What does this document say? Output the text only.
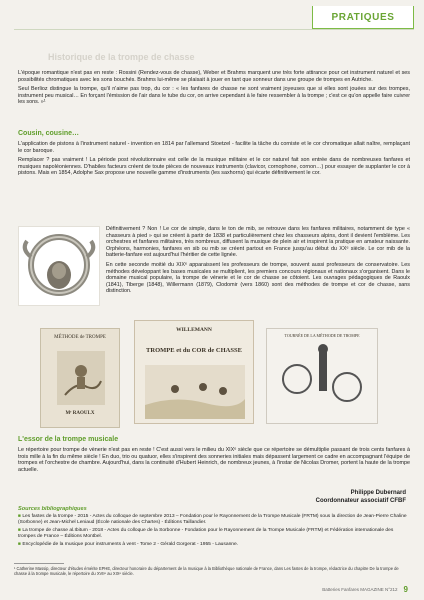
PRATIQUES
Historique de la trompe de chasse

L'époque romantique n'est pas en reste : Rossini (Rendez-vous de chasse), Weber et Brahms marquent une très forte attirance pour cet instrument naturel et ses possibilités chromatiques avec les sons bouchés. Brahms lui-même se plaisait à jouer en tant que sonneur dans une groupe de trompes en Autriche.

Seul Berlioz distingue la trompe, qu'il n'aime pas trop, du cor : « les fanfares de chasse ne sont vraiment joyeuses que si elles sont jouées sur des trompes, instrument peu musical… En forçant l'émission de l'air dans le tube du cor, on arrive cependant à le faire ressembler à la trompe ; c'est ce qu'on appelle faire cuivrer les sons. »¹

Cousin, cousine…

L'application de pistons à l'instrument naturel - invention en 1814 par l'allemand Stoetzel - facilite la tâche du corniste et le cor chromatique allait naître, remplaçant le cor baroque.

Remplacer ? pas vraiment ! La période post révolutionnaire est celle de la musique militaire et le cor naturel fait son entrée dans de nombreuses fanfares et musiques napoléoniennes. D'habiles facteurs créent de toute pièces de nouveaux instruments (clavicor, cornophone, cornon…) pour essayer de supplanter le cor à pistons. Mais en 1854, Adolphe Sax propose une nouvelle gamme d'instruments (les saxhorns) qui écarte définitivement le cor.

Définitivement ? Non ! Le cor de simple, dans le ton de mib, se retrouve dans les fanfares militaires, notamment de type « chasseurs à pied » qui se créent à partir de 1838 et particulièrement chez les chasseurs alpins, dont il devient l'emblème. Les orchestres et fanfares militaires, très nombreux, diffusent la musique de plein air et inspirent la pratique en amateur naissante. Orphéons, harmonies, fanfares en sib ou mib se créent partout en France jusqu'au début du XXᵉ siècle. Le cor mib de la batterie-fanfare est aujourd'hui l'héritier de cette lignée.

En cette seconde moitié du XIXᵉ apparaissent les professeurs de trompe, souvent aussi professeurs de conservatoire. Les méthodes développant les bases musicales se multiplient, les premiers concours régionaux et nationaux s'organisent. Dans le domaine musical populaire, la trompe de vénerie et le cor de chasse se côtoient. Les ouvrages pédagogiques de Raoulx (1841), Tiberge (1848), Willermann (1879), Clodomir (vers 1860) sont des méthodes de trompe et cor de chasse, sans distinction.

MÉTHODE de TROMPE
Mʳ RAOULX
WILLEMANN
TROMPE et du COR de CHASSE
TOURNÉE DE LA MÉTHODE DE TROMPE
L'essor de la trompe musicale

Le répertoire pour trompe de vènerie n'est pas en reste ! C'est aussi vers le milieu du XIXᵉ siècle que ce répertoire se démultiplie passant de trois cents fanfares à trois mille à la fin du même siècle ! En duo, trio ou quatuor, elles s'inspirent des sonneries initiales mais dépassent largement ce cadre en accompagnant l'équipe de trompes et l'orchestre de chambre. Aujourd'hui, dans la continuité d'Hubert Heinrich, de nombreux jeunes, à l'instar de Nicolas Dromer, portent la haute de la trompe actuelle.

Philippe Dubernard
Coordonnateur associatif CFBF
Sources bibliographiques
■ Les fastes de la trompe - 2015 - Actes du colloque de septembre 2013 – Fondation pour le Rayonnement de la Trompe Musicale (FRTM) sous la direction de Jean-Pierre Chaline (Sorbonne) et Jean-Michel Leniaud (École nationale des Chartes) - Éditions Taillandier.
■ La trompe de chasse al.Ibitum - 2018 - Actes du colloque de la Sorbonne - Fondation pour le Rayonnement de la Trompe Musicale (FRTM) et Fédération internationale des trompes de France – Éditions Montbel.
■ Encyclopédie de la musique pour instruments à vent - Tome 2 - Gérald Gorgerat - 1955 - Lausanne.
¹ Catherine Massip, directeur d'études émérite EPHE, directeur honoraire du département de la musique à la Bibliothèque nationale de France, dans Les fastes de la trompe, rédactrice du chapitre De la trompe de chasse à la trompe musicale, le répertoire du XVIIᵉ au XIXᵉ siècle.
Batteries Fanfares MAGAZINE N°212 9
